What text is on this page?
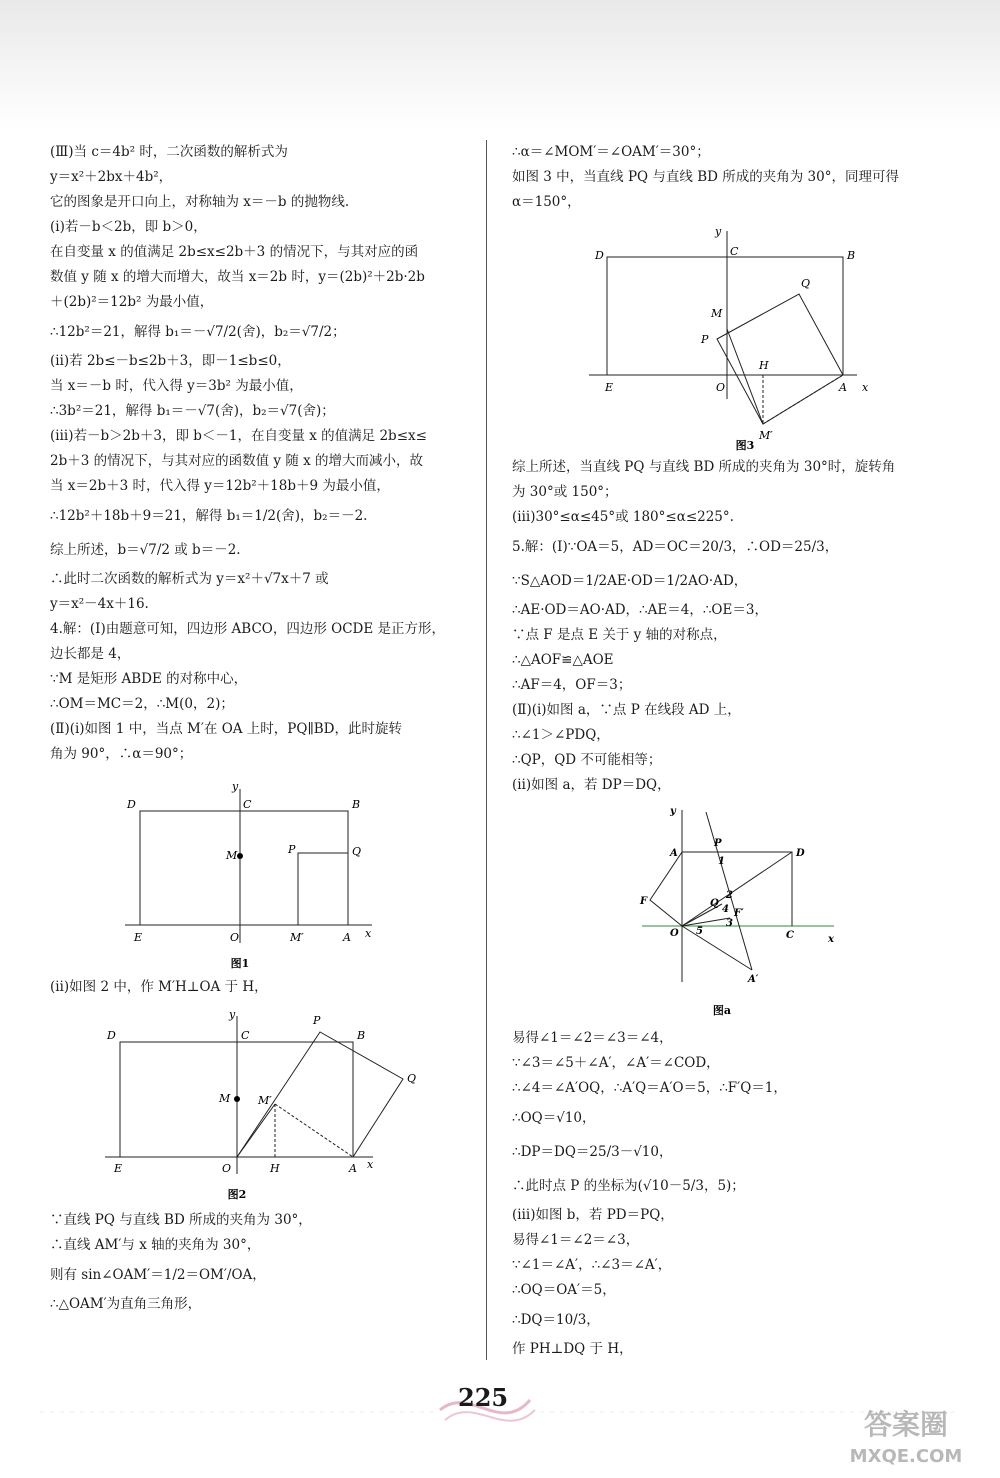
(Ⅲ)当 c＝4b² 时，二次函数的解析式为
y＝x²＋2bx＋4b²，
它的图象是开口向上，对称轴为 x＝－b 的抛物线.
(ⅰ)若－b＜2b，即 b＞0，
在自变量 x 的值满足 2b≤x≤2b＋3 的情况下，与其对应的函
数值 y 随 x 的增大而增大，故当 x＝2b 时，y＝(2b)²＋2b·2b
＋(2b)²＝12b² 为最小值，
∴12b²＝21，解得 b₁＝－√7/2(舍)，b₂＝√7/2；
(ⅱ)若 2b≤－b≤2b＋3，即－1≤b≤0，
当 x＝－b 时，代入得 y＝3b² 为最小值，
∴3b²＝21，解得 b₁＝－√7(舍)，b₂＝√7(舍)；
(ⅲ)若－b＞2b＋3，即 b＜－1，在自变量 x 的值满足 2b≤x≤
2b＋3 的情况下，与其对应的函数值 y 随 x 的增大而减小，故
当 x＝2b＋3 时，代入得 y＝12b²＋18b＋9 为最小值，
∴12b²＋18b＋9＝21，解得 b₁＝1/2(舍)，b₂＝－2.
综上所述，b＝√7/2 或 b＝－2.
∴此时二次函数的解析式为 y＝x²＋√7x＋7 或
y＝x²－4x＋16.
4.解：(Ⅰ)由题意可知，四边形 ABCO，四边形 OCDE 是正方形，
边长都是 4，
∵M 是矩形 ABDE 的对称中心，
∴OM＝MC＝2，∴M(0，2)；
(Ⅱ)(ⅰ)如图 1 中，当点 M′在 OA 上时，PQ∥BD，此时旋转
角为 90°，∴α＝90°；
D	C	B
y
M	P	Q
E	O	M′	A x
图1
(ⅱ)如图 2 中，作 M′H⊥OA 于 H，
D	C	B
y	P
Q
M	M′
E	O	H	A x
图2
∵直线 PQ 与直线 BD 所成的夹角为 30°，
∴直线 AM′与 x 轴的夹角为 30°，
则有 sin∠OAM′＝1/2＝OM′/OA，
∴△OAM′为直角三角形，
∴α＝∠MOM′＝∠OAM′＝30°；
如图 3 中，当直线 PQ 与直线 BD 所成的夹角为 30°，同理可得
α＝150°，
D	C	B
y
Q
M
P
H
E	O	A x
M′
图3
综上所述，当直线 PQ 与直线 BD 所成的夹角为 30°时，旋转角
为 30°或 150°；
(ⅲ)30°≤α≤45°或 180°≤α≤225°.
5.解：(Ⅰ)∵OA＝5，AD＝OC＝20/3，∴OD＝25/3，
∵S△AOD＝1/2AE·OD＝1/2AO·AD，
∴AE·OD＝AO·AD，∴AE＝4，∴OE＝3，
∵点 F 是点 E 关于 y 轴的对称点，
∴△AOF≌△AOE
∴AF＝4，OF＝3；
(Ⅱ)(ⅰ)如图 a，∵点 P 在线段 AD 上，
∴∠1＞∠PDQ，
∴QP，QD 不可能相等；
(ⅱ)如图 a，若 DP＝DQ，
y
P
A
1
D
Q
2
4
F
F′
3
O 5	C	x
A′
图a
易得∠1＝∠2＝∠3＝∠4，
∵∠3＝∠5＋∠A′，∠A′＝∠COD，
∴∠4＝∠A′OQ，∴A′Q＝A′O＝5，∴F′Q＝1，
∴OQ＝√10，
∴DP＝DQ＝25/3－√10，
∴此时点 P 的坐标为(√10－5/3，5)；
(ⅲ)如图 b，若 PD＝PQ，
易得∠1＝∠2＝∠3，
∵∠1＝∠A′，∴∠3＝∠A′，
∴OQ＝OA′＝5，
∴DQ＝10/3，
作 PH⊥DQ 于 H，
225
答案圈
MXQE.COM
